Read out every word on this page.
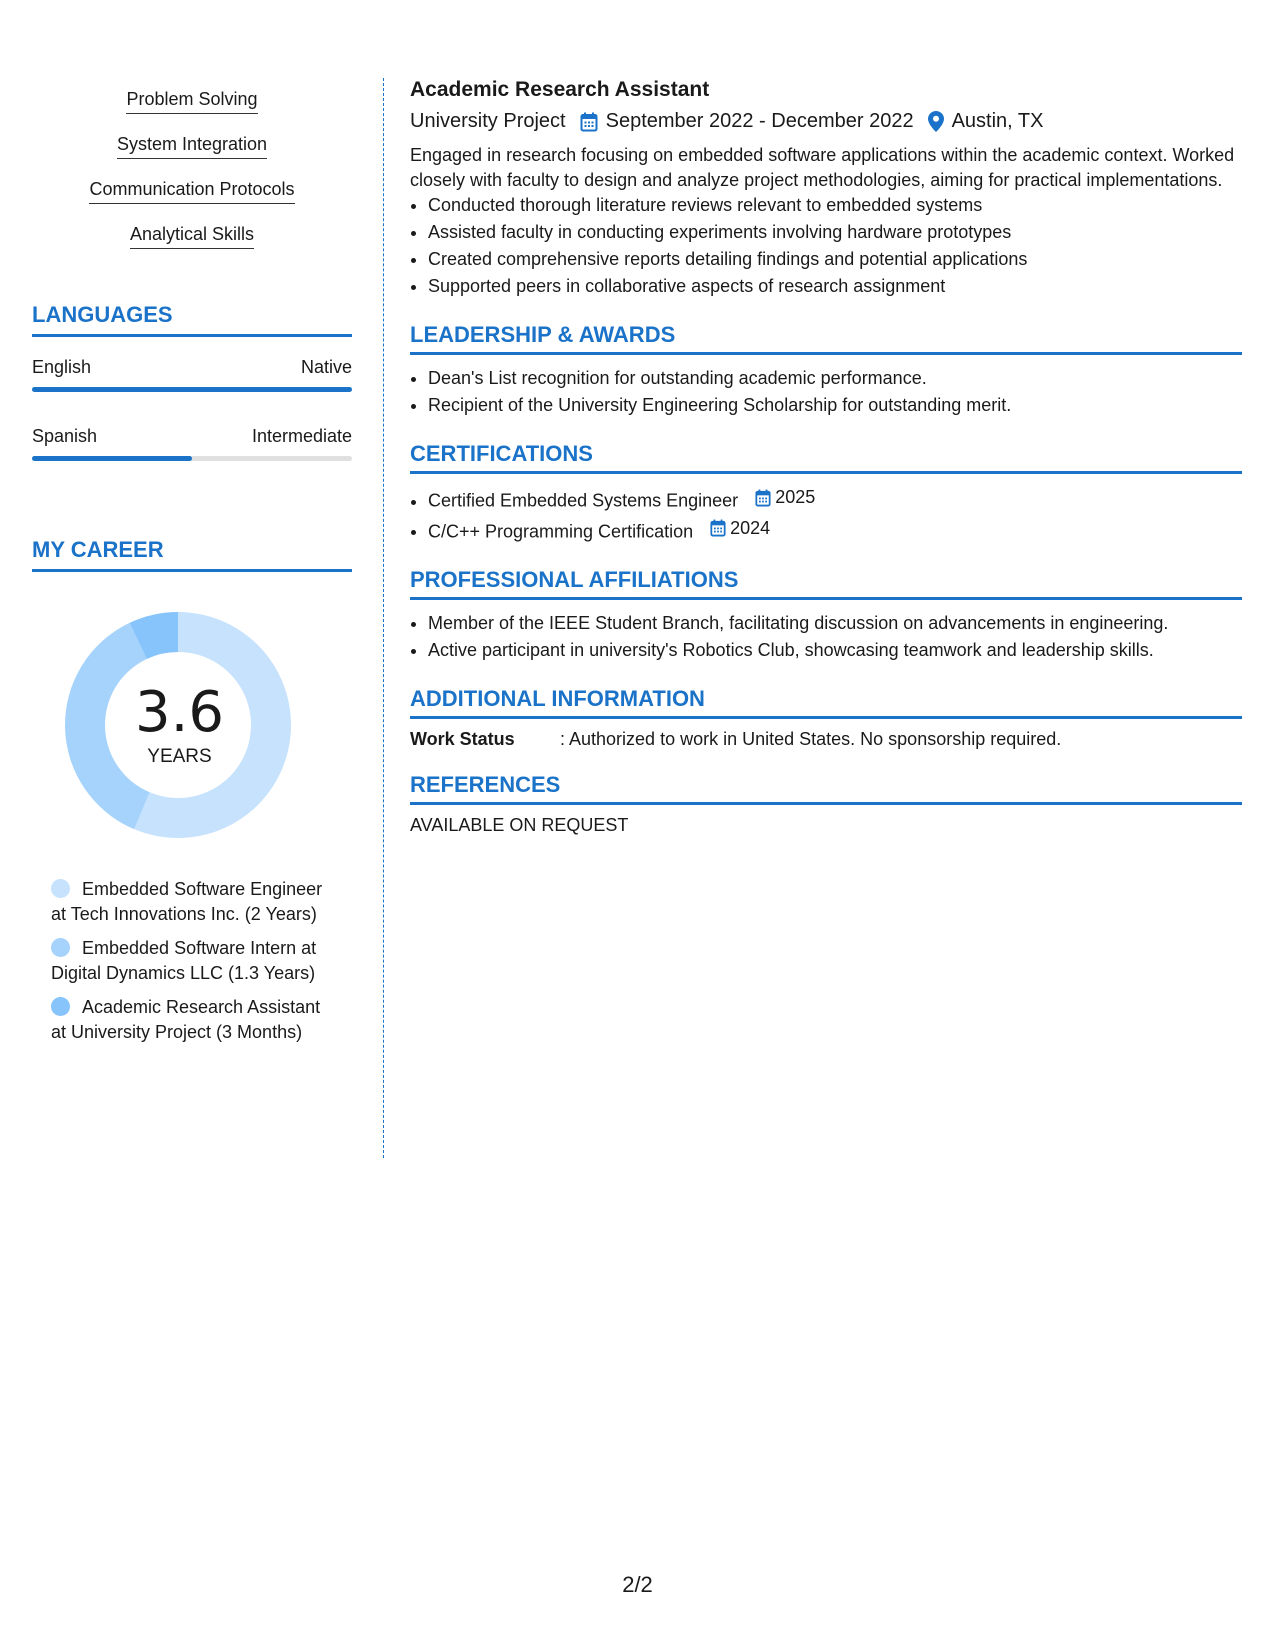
Problem Solving
System Integration
Communication Protocols
Analytical Skills
LANGUAGES
English	Native
Spanish	Intermediate
MY CAREER
3.6
YEARS
Embedded Software Engineer at Tech Innovations Inc. (2 Years)
Embedded Software Intern at Digital Dynamics LLC (1.3 Years)
Academic Research Assistant at University Project (3 Months)
Academic Research Assistant
University Project September 2022 - December 2022 Austin, TX
Engaged in research focusing on embedded software applications within the academic context. Worked closely with faculty to design and analyze project methodologies, aiming for practical implementations.
• Conducted thorough literature reviews relevant to embedded systems
• Assisted faculty in conducting experiments involving hardware prototypes
• Created comprehensive reports detailing findings and potential applications
• Supported peers in collaborative aspects of research assignment
LEADERSHIP & AWARDS
• Dean's List recognition for outstanding academic performance.
• Recipient of the University Engineering Scholarship for outstanding merit.
CERTIFICATIONS
• Certified Embedded Systems Engineer 2025
• C/C++ Programming Certification 2024
PROFESSIONAL AFFILIATIONS
• Member of the IEEE Student Branch, facilitating discussion on advancements in engineering.
• Active participant in university's Robotics Club, showcasing teamwork and leadership skills.
ADDITIONAL INFORMATION
Work Status	: Authorized to work in United States. No sponsorship required.
REFERENCES
AVAILABLE ON REQUEST
2/2
